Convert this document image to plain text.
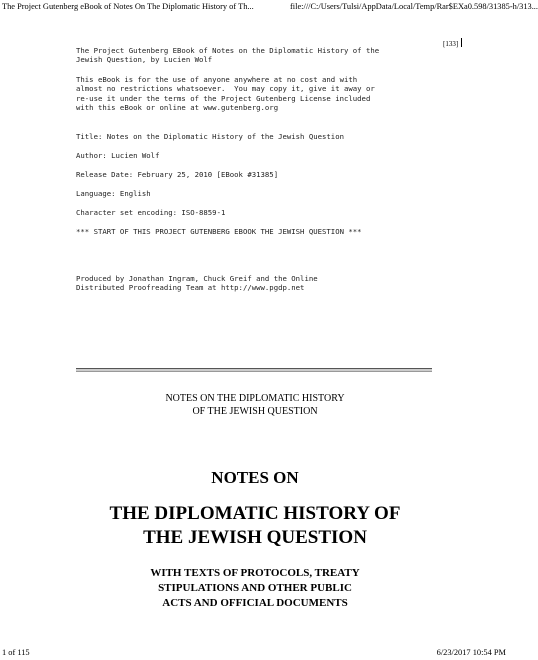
The Project Gutenberg eBook of Notes On The Diplomatic History of Th...	file:///C:/Users/Tulsi/AppData/Local/Temp/Rar$EXa0.598/31385-h/313...
[133]
The Project Gutenberg EBook of Notes on the Diplomatic History of the
Jewish Question, by Lucien Wolf
This eBook is for the use of anyone anywhere at no cost and with
almost no restrictions whatsoever.  You may copy it, give it away or
re-use it under the terms of the Project Gutenberg License included
with this eBook or online at www.gutenberg.org
Title: Notes on the Diplomatic History of the Jewish Question
Author: Lucien Wolf
Release Date: February 25, 2010 [EBook #31385]
Language: English
Character set encoding: ISO-8859-1
*** START OF THIS PROJECT GUTENBERG EBOOK THE JEWISH QUESTION ***
Produced by Jonathan Ingram, Chuck Greif and the Online
Distributed Proofreading Team at http://www.pgdp.net
NOTES ON THE DIPLOMATIC HISTORY
OF THE JEWISH QUESTION
NOTES ON
THE DIPLOMATIC HISTORY OF
THE JEWISH QUESTION
WITH TEXTS OF PROTOCOLS, TREATY
STIPULATIONS AND OTHER PUBLIC
ACTS AND OFFICIAL DOCUMENTS
1 of 115	6/23/2017 10:54 PM
